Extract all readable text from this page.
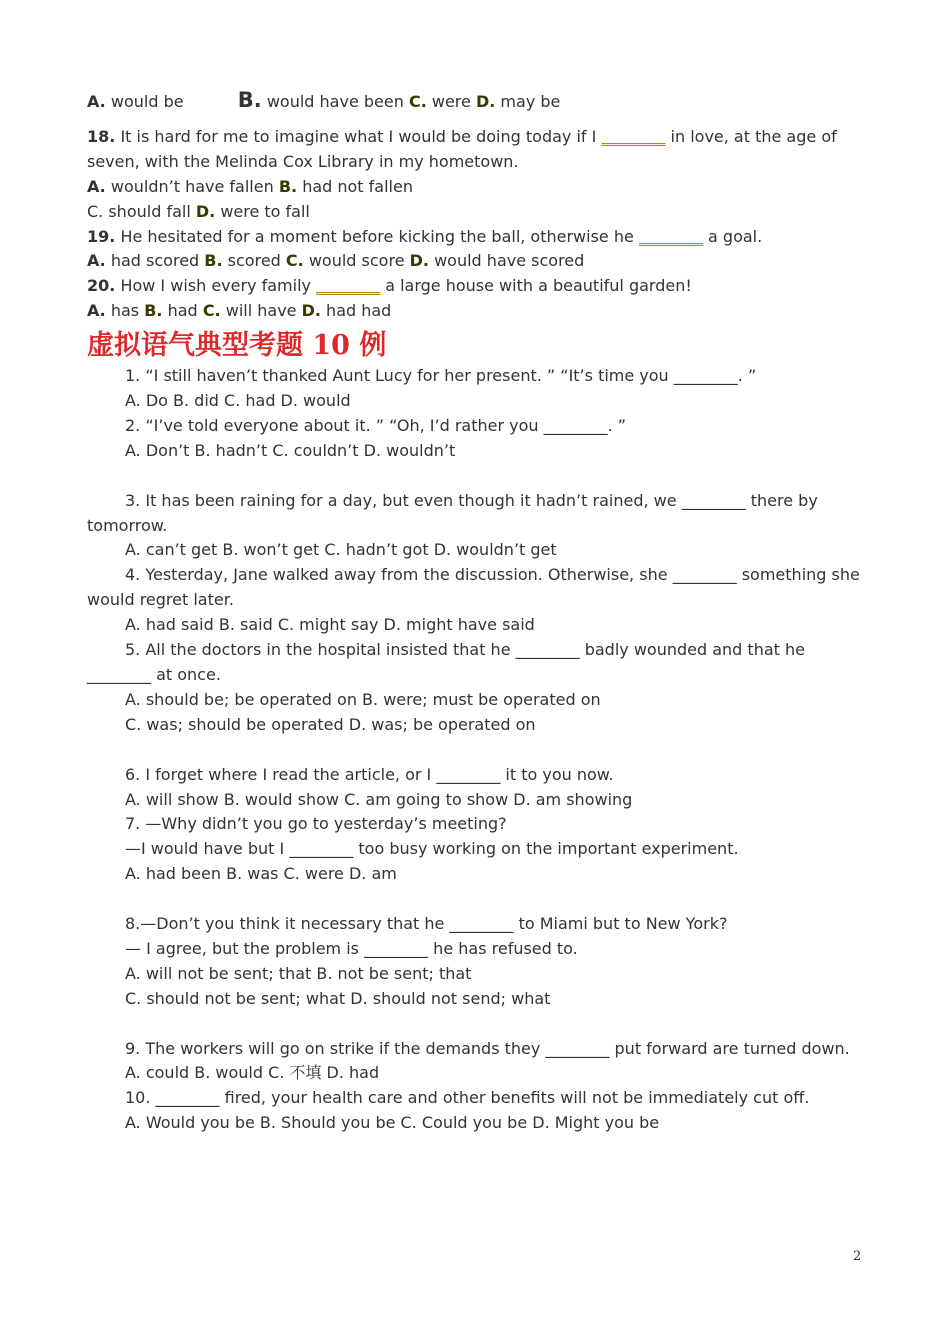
A. would be	B. would have been C. were D. may be

18. It is hard for me to imagine what I would be doing today if I ________ in love, at the age of seven, with the Melinda Cox Library in my hometown.

A. wouldn’t have fallen B. had not fallen

C. should fall D. were to fall

19. He hesitated for a moment before kicking the ball, otherwise he ________ a goal.

A. had scored B. scored C. would score D. would have scored

20. How I wish every family ________ a large house with a beautiful garden!

A. has B. had C. will have D. had had

虚拟语气典型考题 10 例

1. “I still haven’t thanked Aunt Lucy for her present. ” “It’s time you ________. ”

A. Do B. did C. had D. would

2. “I’ve told everyone about it. ” “Oh, I’d rather you ________. ”

A. Don’t B. hadn’t C. couldn’t D. wouldn’t

3. It has been raining for a day, but even though it hadn’t rained, we ________ there by tomorrow.

A. can’t get B. won’t get C. hadn’t got D. wouldn’t get

4. Yesterday, Jane walked away from the discussion. Otherwise, she ________ something she would regret later.

A. had said B. said C. might say D. might have said

5. All the doctors in the hospital insisted that he ________ badly wounded and that he ________ at once.

A. should be; be operated on B. were; must be operated on

C. was; should be operated D. was; be operated on

6. I forget where I read the article, or I ________ it to you now.

A. will show B. would show C. am going to show D. am showing

7. —Why didn’t you go to yesterday’s meeting?

—I would have but I ________ too busy working on the important experiment.

A. had been B. was C. were D. am

8.—Don’t you think it necessary that he ________ to Miami but to New York?

— I agree, but the problem is ________ he has refused to.

A. will not be sent; that B. not be sent; that

C. should not be sent; what D. should not send; what

9. The workers will go on strike if the demands they ________ put forward are turned down.

A. could B. would C. 不填 D. had

10. ________ fired, your health care and other benefits will not be immediately cut off.

A. Would you be B. Should you be C. Could you be D. Might you be

2
